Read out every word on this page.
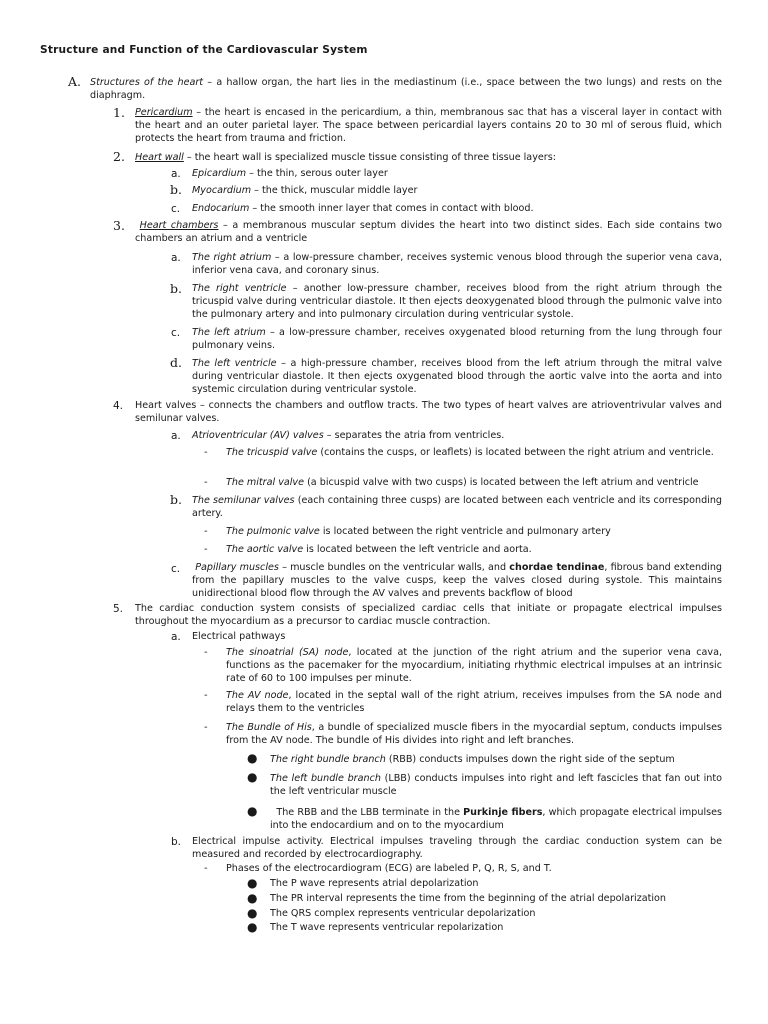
Structure and Function of the Cardiovascular System
A. Structures of the heart – a hallow organ, the hart lies in the mediastinum (i.e., space between the two lungs) and rests on the diaphragm.
1. Pericardium – the heart is encased in the pericardium, a thin, membranous sac that has a visceral layer in contact with the heart and an outer parietal layer. The space between pericardial layers contains 20 to 30 ml of serous fluid, which protects the heart from trauma and friction.
2. Heart wall – the heart wall is specialized muscle tissue consisting of three tissue layers:
a. Epicardium – the thin, serous outer layer
b. Myocardium – the thick, muscular middle layer
c. Endocarium – the smooth inner layer that comes in contact with blood.
3.	Heart chambers – a membranous muscular septum divides the heart into two distinct sides. Each side contains two chambers an atrium and a ventricle
a. The right atrium – a low-pressure chamber, receives systemic venous blood through the superior vena cava, inferior vena cava, and coronary sinus.
b. The right ventricle – another low-pressure chamber, receives blood from the right atrium through the tricuspid valve during ventricular diastole. It then ejects deoxygenated blood through the pulmonic valve into the pulmonary artery and into pulmonary circulation during ventricular systole.
c. The left atrium – a low-pressure chamber, receives oxygenated blood returning from the lung through four pulmonary veins.
d. The left ventricle – a high-pressure chamber, receives blood from the left atrium through the mitral valve during ventricular diastole. It then ejects oxygenated blood through the aortic valve into the aorta and into systemic circulation during ventricular systole.
4. Heart valves – connects the chambers and outflow tracts. The two types of heart valves are atrioventrivular valves and semilunar valves.
a. Atrioventricular (AV) valves – separates the atria from ventricles.
- The tricuspid valve (contains the cusps, or leaflets) is located between the right atrium and ventricle.
- The mitral valve (a bicuspid valve with two cusps) is located between the left atrium and ventricle
b. The semilunar valves (each containing three cusps) are located between each ventricle and its corresponding artery.
- The pulmonic valve is located between the right ventricle and pulmonary artery
- The aortic valve is located between the left ventricle and aorta.
c.	Papillary muscles – muscle bundles on the ventricular walls, and chordae tendinae, fibrous band extending from the papillary muscles to the valve cusps, keep the valves closed during systole. This maintains unidirectional blood flow through the AV valves and prevents backflow of blood
5. The cardiac conduction system consists of specialized cardiac cells that initiate or propagate electrical impulses throughout the myocardium as a precursor to cardiac muscle contraction.
a. Electrical pathways
- The sinoatrial (SA) node, located at the junction of the right atrium and the superior vena cava, functions as the pacemaker for the myocardium, initiating rhythmic electrical impulses at an intrinsic rate of 60 to 100 impulses per minute.
- The AV node, located in the septal wall of the right atrium, receives impulses from the SA node and relays them to the ventricles
- The Bundle of His, a bundle of specialized muscle fibers in the myocardial septum, conducts impulses from the AV node. The bundle of His divides into right and left branches.
● The right bundle branch (RBB) conducts impulses down the right side of the septum
● The left bundle branch (LBB) conducts impulses into right and left fascicles that fan out into the left ventricular muscle
●	The RBB and the LBB terminate in the Purkinje fibers, which propagate electrical impulses into the endocardium and on to the myocardium
b. Electrical impulse activity. Electrical impulses traveling through the cardiac conduction system can be measured and recorded by electrocardiography.
- Phases of the electrocardiogram (ECG) are labeled P, Q, R, S, and T.
● The P wave represents atrial depolarization
● The PR interval represents the time from the beginning of the atrial depolarization
● The QRS complex represents ventricular depolarization
● The T wave represents ventricular repolarization
